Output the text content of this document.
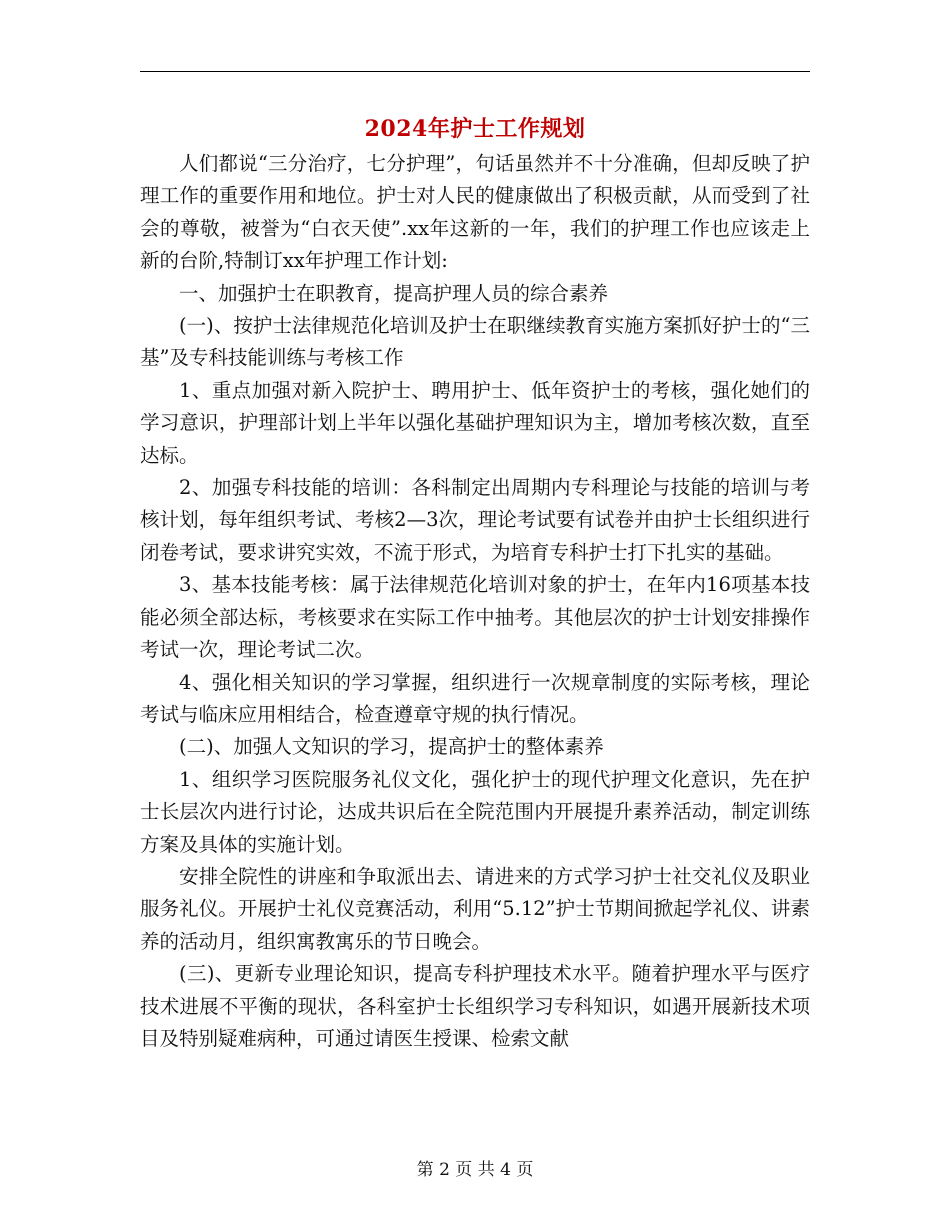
2024年护士工作规划

人们都说“三分治疗，七分护理”，句话虽然并不十分准确，但却反映了护理工作的重要作用和地位。护士对人民的健康做出了积极贡献，从而受到了社会的尊敬，被誉为“白衣天使”.xx年这新的一年，我们的护理工作也应该走上新的台阶,特制订xx年护理工作计划:

一、加强护士在职教育，提高护理人员的综合素养

(一)、按护士法律规范化培训及护士在职继续教育实施方案抓好护士的“三基”及专科技能训练与考核工作

1、重点加强对新入院护士、聘用护士、低年资护士的考核，强化她们的学习意识，护理部计划上半年以强化基础护理知识为主，增加考核次数，直至达标。

2、加强专科技能的培训：各科制定出周期内专科理论与技能的培训与考核计划，每年组织考试、考核2—3次，理论考试要有试卷并由护士长组织进行闭卷考试，要求讲究实效，不流于形式，为培育专科护士打下扎实的基础。

3、基本技能考核：属于法律规范化培训对象的护士，在年内16项基本技能必须全部达标，考核要求在实际工作中抽考。其他层次的护士计划安排操作考试一次，理论考试二次。

4、强化相关知识的学习掌握，组织进行一次规章制度的实际考核，理论考试与临床应用相结合，检查遵章守规的执行情况。

(二)、加强人文知识的学习，提高护士的整体素养

1、组织学习医院服务礼仪文化，强化护士的现代护理文化意识，先在护士长层次内进行讨论，达成共识后在全院范围内开展提升素养活动，制定训练方案及具体的实施计划。

安排全院性的讲座和争取派出去、请进来的方式学习护士社交礼仪及职业服务礼仪。开展护士礼仪竞赛活动，利用“5.12”护士节期间掀起学礼仪、讲素养的活动月，组织寓教寓乐的节日晚会。

(三)、更新专业理论知识，提高专科护理技术水平。随着护理水平与医疗技术进展不平衡的现状，各科室护士长组织学习专科知识，如遇开展新技术项目及特别疑难病种，可通过请医生授课、检索文献

第 2 页 共 4 页
